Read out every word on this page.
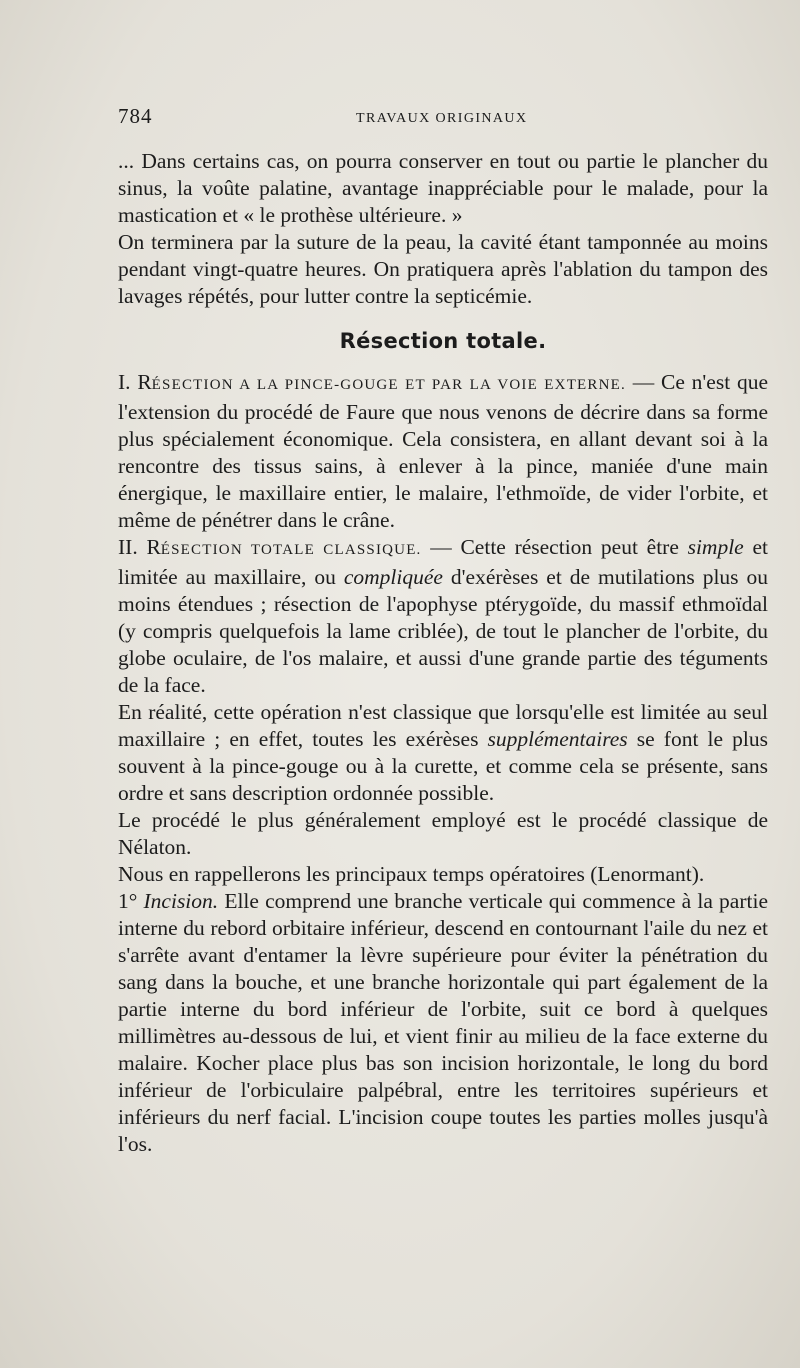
784	TRAVAUX ORIGINAUX

... Dans certains cas, on pourra conserver en tout ou partie le plancher du sinus, la voûte palatine, avantage inappréciable pour le malade, pour la mastication et « le prothèse ultérieure. »

On terminera par la suture de la peau, la cavité étant tamponnée au moins pendant vingt-quatre heures. On pratiquera après l'ablation du tampon des lavages répétés, pour lutter contre la septicémie.

Résection totale.

I. RÉSECTION A LA PINCE-GOUGE ET PAR LA VOIE EXTERNE. — Ce n'est que l'extension du procédé de Faure que nous venons de décrire dans sa forme plus spécialement économique. Cela consistera, en allant devant soi à la rencontre des tissus sains, à enlever à la pince, maniée d'une main énergique, le maxillaire entier, le malaire, l'ethmoïde, de vider l'orbite, et même de pénétrer dans le crâne.

II. RÉSECTION TOTALE CLASSIQUE. — Cette résection peut être simple et limitée au maxillaire, ou compliquée d'exérèses et de mutilations plus ou moins étendues ; résection de l'apophyse ptérygoïde, du massif ethmoïdal (y compris quelquefois la lame criblée), de tout le plancher de l'orbite, du globe oculaire, de l'os malaire, et aussi d'une grande partie des téguments de la face.

En réalité, cette opération n'est classique que lorsqu'elle est limitée au seul maxillaire ; en effet, toutes les exérèses supplémentaires se font le plus souvent à la pince-gouge ou à la curette, et comme cela se présente, sans ordre et sans description ordonnée possible.

Le procédé le plus généralement employé est le procédé classique de Nélaton.

Nous en rappellerons les principaux temps opératoires (Lenormant).

1° Incision. Elle comprend une branche verticale qui commence à la partie interne du rebord orbitaire inférieur, descend en contournant l'aile du nez et s'arrête avant d'entamer la lèvre supérieure pour éviter la pénétration du sang dans la bouche, et une branche horizontale qui part également de la partie interne du bord inférieur de l'orbite, suit ce bord à quelques millimètres au-dessous de lui, et vient finir au milieu de la face externe du malaire. Kocher place plus bas son incision horizontale, le long du bord inférieur de l'orbiculaire palpébral, entre les territoires supérieurs et inférieurs du nerf facial. L'incision coupe toutes les parties molles jusqu'à l'os.
